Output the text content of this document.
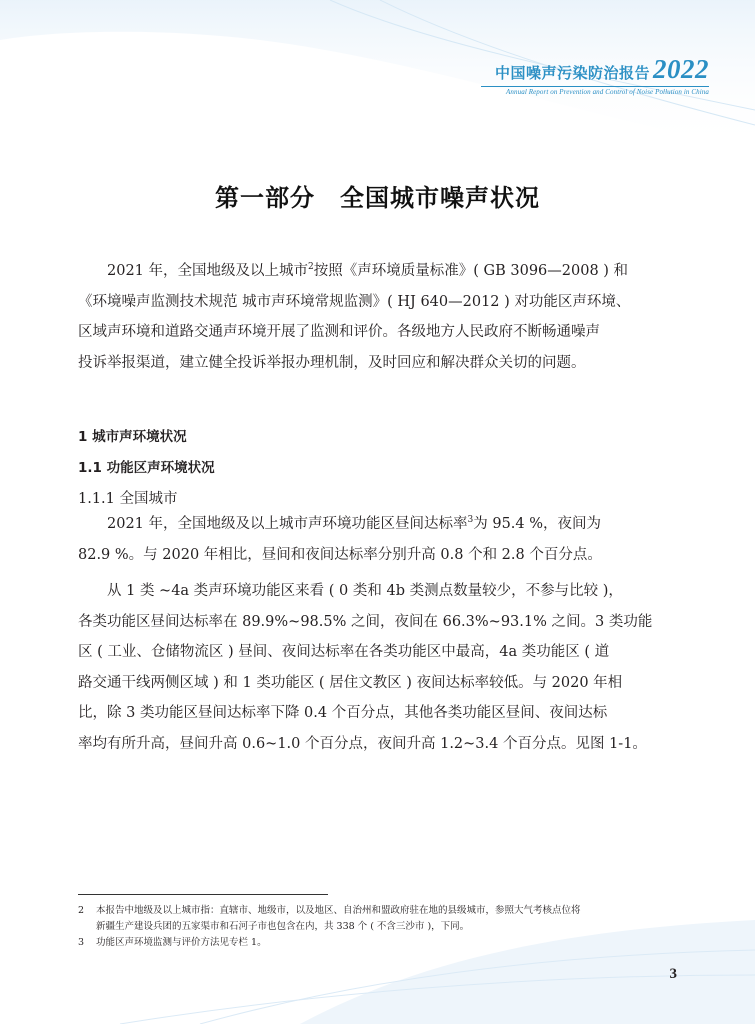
中国噪声污染防治报告 2022
Annual Report on Prevention and Control of Noise Pollution in China
第一部分　全国城市噪声状况
2021 年，全国地级及以上城市$^2$按照《声环境质量标准》( GB 3096—2008 ) 和
《环境噪声监测技术规范 城市声环境常规监测》( HJ 640—2012 ) 对功能区声环境、
区域声环境和道路交通声环境开展了监测和评价。各级地方人民政府不断畅通噪声
投诉举报渠道，建立健全投诉举报办理机制，及时回应和解决群众关切的问题。
1 城市声环境状况
1.1 功能区声环境状况
1.1.1 全国城市
2021 年，全国地级及以上城市声环境功能区昼间达标率$^3$为 95.4 %，夜间为
82.9 %。与 2020 年相比，昼间和夜间达标率分别升高 0.8 个和 2.8 个百分点。
从 1 类 ~4a 类声环境功能区来看 ( 0 类和 4b 类测点数量较少，不参与比较 )，
各类功能区昼间达标率在 89.9%~98.5% 之间，夜间在 66.3%~93.1% 之间。3 类功能
区 ( 工业、仓储物流区 ) 昼间、夜间达标率在各类功能区中最高，4a 类功能区 ( 道
路交通干线两侧区域 ) 和 1 类功能区 ( 居住文教区 ) 夜间达标率较低。与 2020 年相
比，除 3 类功能区昼间达标率下降 0.4 个百分点，其他各类功能区昼间、夜间达标
率均有所升高，昼间升高 0.6~1.0 个百分点，夜间升高 1.2~3.4 个百分点。见图 1-1。
2	本报告中地级及以上城市指：直辖市、地级市，以及地区、自治州和盟政府驻在地的县级城市，参照大气考核点位将
新疆生产建设兵团的五家渠市和石河子市也包含在内，共 338 个 ( 不含三沙市 )，下同。
3	功能区声环境监测与评价方法见专栏 1。
3
